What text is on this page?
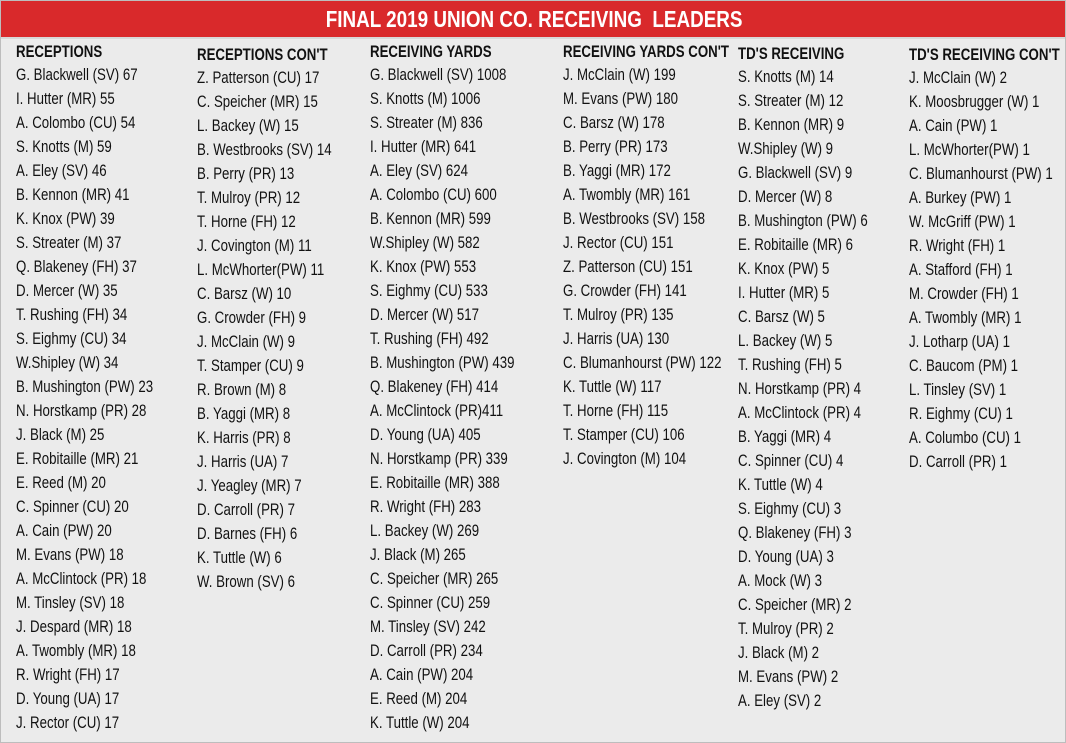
FINAL 2019 UNION CO. RECEIVING  LEADERS
RECEPTIONS
G. Blackwell (SV) 67
I. Hutter (MR) 55
A. Colombo (CU) 54
S. Knotts (M) 59
A. Eley (SV) 46
B. Kennon (MR) 41
K. Knox (PW) 39
S. Streater (M) 37
Q. Blakeney (FH) 37
D. Mercer (W) 35
T. Rushing (FH) 34
S. Eighmy (CU) 34
W.Shipley (W) 34
B. Mushington (PW) 23
N. Horstkamp (PR) 28
J. Black (M) 25
E. Robitaille (MR) 21
E. Reed (M) 20
C. Spinner (CU) 20
A. Cain (PW) 20
M. Evans (PW) 18
A. McClintock (PR) 18
M. Tinsley (SV) 18
J. Despard (MR) 18
A. Twombly (MR) 18
R. Wright (FH) 17
D. Young (UA) 17
J. Rector (CU) 17
RECEPTIONS CON'T
Z. Patterson (CU) 17
C. Speicher (MR) 15
L. Backey (W) 15
B. Westbrooks (SV) 14
B. Perry (PR) 13
T. Mulroy (PR) 12
T. Horne (FH) 12
J. Covington (M) 11
L. McWhorter(PW) 11
C. Barsz (W) 10
G. Crowder (FH) 9
J. McClain (W) 9
T. Stamper (CU) 9
R. Brown (M) 8
B. Yaggi (MR) 8
K. Harris (PR) 8
J. Harris (UA) 7
J. Yeagley (MR) 7
D. Carroll (PR) 7
D. Barnes (FH) 6
K. Tuttle (W) 6
W. Brown (SV) 6
RECEIVING YARDS
G. Blackwell (SV) 1008
S. Knotts (M) 1006
S. Streater (M) 836
I. Hutter (MR) 641
A. Eley (SV) 624
A. Colombo (CU) 600
B. Kennon (MR) 599
W.Shipley (W) 582
K. Knox (PW) 553
S. Eighmy (CU) 533
D. Mercer (W) 517
T. Rushing (FH) 492
B. Mushington (PW) 439
Q. Blakeney (FH) 414
A. McClintock (PR)411
D. Young (UA) 405
N. Horstkamp (PR) 339
E. Robitaille (MR) 388
R. Wright (FH) 283
L. Backey (W) 269
J. Black (M) 265
C. Speicher (MR) 265
C. Spinner (CU) 259
M. Tinsley (SV) 242
D. Carroll (PR) 234
A. Cain (PW) 204
E. Reed (M) 204
K. Tuttle (W) 204
RECEIVING YARDS CON'T
J. McClain (W) 199
M. Evans (PW) 180
C. Barsz (W) 178
B. Perry (PR) 173
B. Yaggi (MR) 172
A. Twombly (MR) 161
B. Westbrooks (SV) 158
J. Rector (CU) 151
Z. Patterson (CU) 151
G. Crowder (FH) 141
T. Mulroy (PR) 135
J. Harris (UA) 130
C. Blumanhourst (PW) 122
K. Tuttle (W) 117
T. Horne (FH) 115
T. Stamper (CU) 106
J. Covington (M) 104
TD'S RECEIVING
S. Knotts (M) 14
S. Streater (M) 12
B. Kennon (MR) 9
W.Shipley (W) 9
G. Blackwell (SV) 9
D. Mercer (W) 8
B. Mushington (PW) 6
E. Robitaille (MR) 6
K. Knox (PW) 5
I. Hutter (MR) 5
C. Barsz (W) 5
L. Backey (W) 5
T. Rushing (FH) 5
N. Horstkamp (PR) 4
A. McClintock (PR) 4
B. Yaggi (MR) 4
C. Spinner (CU) 4
K. Tuttle (W) 4
S. Eighmy (CU) 3
Q. Blakeney (FH) 3
D. Young (UA) 3
A. Mock (W) 3
C. Speicher (MR) 2
T. Mulroy (PR) 2
J. Black (M) 2
M. Evans (PW) 2
A. Eley (SV) 2
TD'S RECEIVING CON'T
J. McClain (W) 2
K. Moosbrugger (W) 1
A. Cain (PW) 1
L. McWhorter(PW) 1
C. Blumanhourst (PW) 1
A. Burkey (PW) 1
W. McGriff (PW) 1
R. Wright (FH) 1
A. Stafford (FH) 1
M. Crowder (FH) 1
A. Twombly (MR) 1
J. Lotharp (UA) 1
C. Baucom (PM) 1
L. Tinsley (SV) 1
R. Eighmy (CU) 1
A. Columbo (CU) 1
D. Carroll (PR) 1
